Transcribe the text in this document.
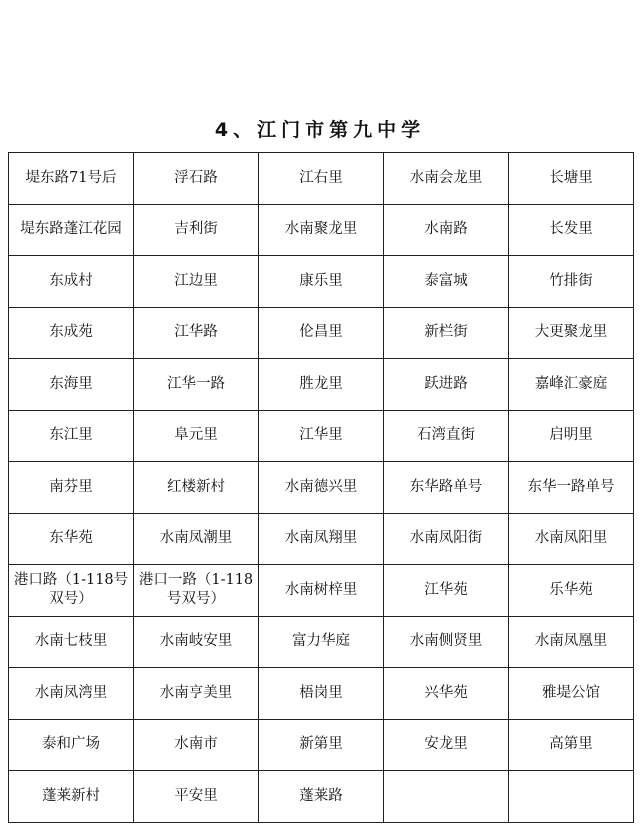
4、江门市第九中学
堤东路71号后	浮石路	江右里	水南会龙里	长塘里
堤东路蓬江花园	吉利街	水南聚龙里	水南路	长发里
东成村	江边里	康乐里	泰富城	竹排街
东成苑	江华路	伦昌里	新栏街	大更聚龙里
东海里	江华一路	胜龙里	跃进路	嘉峰汇豪庭
东江里	阜元里	江华里	石湾直街	启明里
南芬里	红楼新村	水南德兴里	东华路单号	东华一路单号
东华苑	水南凤潮里	水南凤翔里	水南凤阳街	水南凤阳里
港口路（1-118号双号）	港口一路（1-118号双号）	水南树梓里	江华苑	乐华苑
水南七枝里	水南岐安里	富力华庭	水南侧贤里	水南凤凰里
水南凤湾里	水南亨美里	梧岗里	兴华苑	雅堤公馆
泰和广场	水南市	新第里	安龙里	高第里
蓬莱新村	平安里	蓬莱路		
